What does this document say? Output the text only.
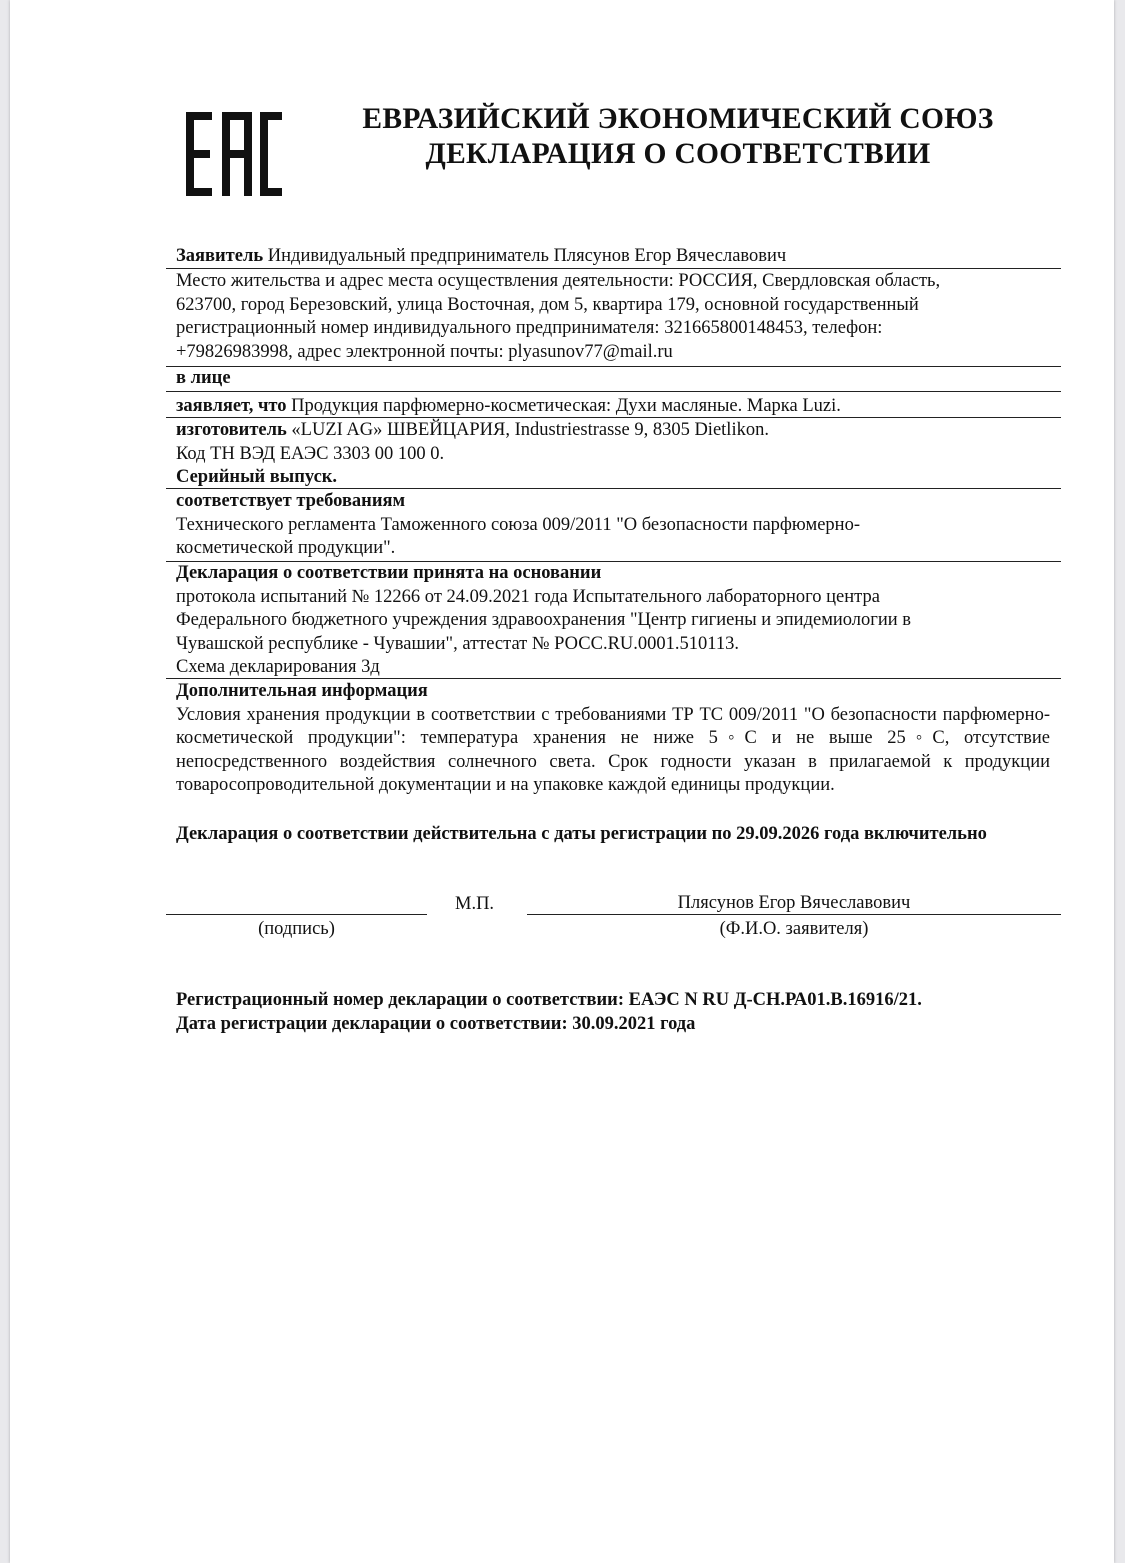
ЕВРАЗИЙСКИЙ ЭКОНОМИЧЕСКИЙ СОЮЗ
ДЕКЛАРАЦИЯ О СООТВЕТСТВИИ
Заявитель Индивидуальный предприниматель Плясунов Егор Вячеславович
Место жительства и адрес места осуществления деятельности: РОССИЯ, Свердловская область,
623700, город Березовский, улица Восточная, дом 5, квартира 179, основной государственный
регистрационный номер индивидуального предпринимателя: 321665800148453, телефон:
+79826983998, адрес электронной почты: plyasunov77@mail.ru
в лице
заявляет, что Продукция парфюмерно-косметическая: Духи масляные. Марка Luzi.
изготовитель «LUZI AG» ШВЕЙЦАРИЯ, Industriestrasse 9, 8305 Dietlikon.
Код ТН ВЭД ЕАЭС 3303 00 100 0.
Серийный выпуск.
соответствует требованиям
Технического регламента Таможенного союза 009/2011 "О безопасности парфюмерно-
косметической продукции".
Декларация о соответствии принята на основании
протокола испытаний № 12266 от 24.09.2021 года Испытательного лабораторного центра
Федерального бюджетного учреждения здравоохранения "Центр гигиены и эпидемиологии в
Чувашской республике - Чувашии", аттестат № РОСС.RU.0001.510113.
Схема декларирования 3д
Дополнительная информация
Условия хранения продукции в соответствии с требованиями ТР ТС 009/2011 "О безопасности парфюмерно-косметической продукции": температура хранения не ниже 5◦С и не выше 25◦С, отсутствие непосредственного воздействия солнечного света. Срок годности указан в прилагаемой к продукции товаросопроводительной документации и на упаковке каждой единицы продукции.
Декларация о соответствии действительна с даты регистрации по 29.09.2026 года включительно
М.П.	Плясунов Егор Вячеславович
(подпись)	(Ф.И.О. заявителя)
Регистрационный номер декларации о соответствии: ЕАЭС N RU Д-CH.РА01.В.16916/21.
Дата регистрации декларации о соответствии: 30.09.2021 года
